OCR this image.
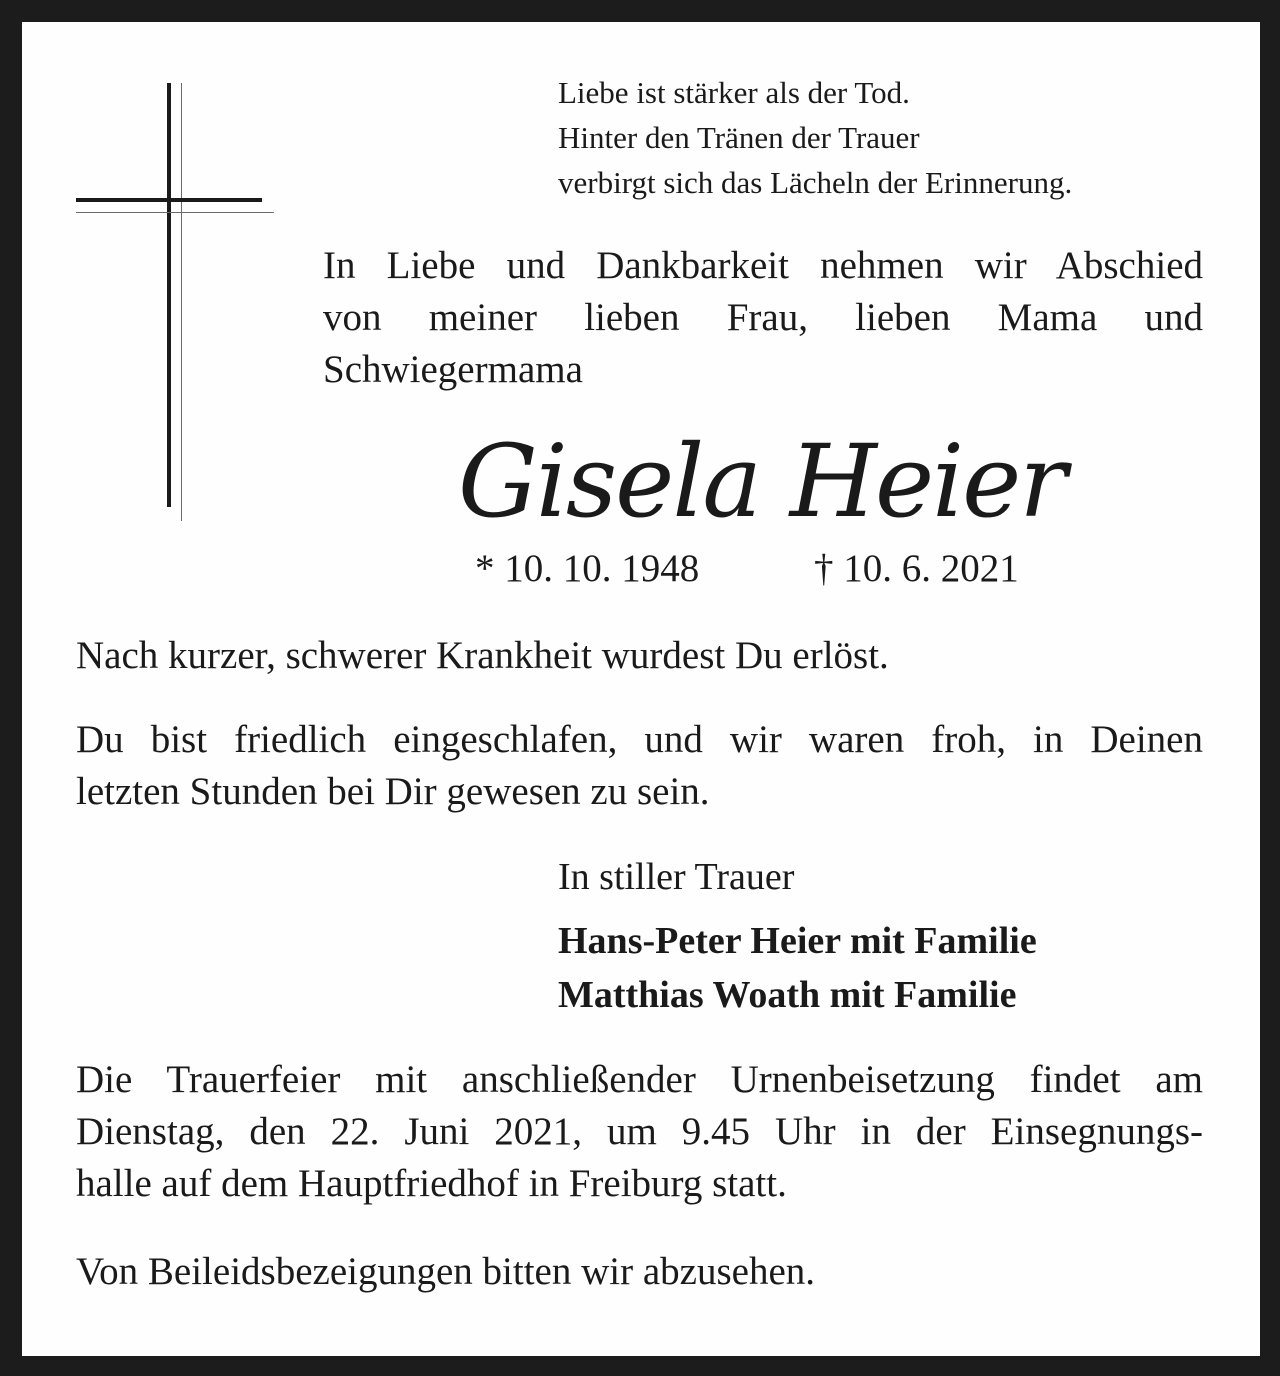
Liebe ist stärker als der Tod.
Hinter den Tränen der Trauer
verbirgt sich das Lächeln der Erinnerung.
In Liebe und Dankbarkeit nehmen wir Abschied
von meiner lieben Frau, lieben Mama und
Schwiegermama
Gisela Heier
* 10. 10. 1948	† 10. 6. 2021
Nach kurzer, schwerer Krankheit wurdest Du erlöst.
Du bist friedlich eingeschlafen, und wir waren froh, in Deinen
letzten Stunden bei Dir gewesen zu sein.
In stiller Trauer
Hans-Peter Heier mit Familie
Matthias Woath mit Familie
Die Trauerfeier mit anschließender Urnenbeisetzung findet am
Dienstag, den 22. Juni 2021, um 9.45 Uhr in der Einsegnungs-
halle auf dem Hauptfriedhof in Freiburg statt.
Von Beileidsbezeigungen bitten wir abzusehen.
